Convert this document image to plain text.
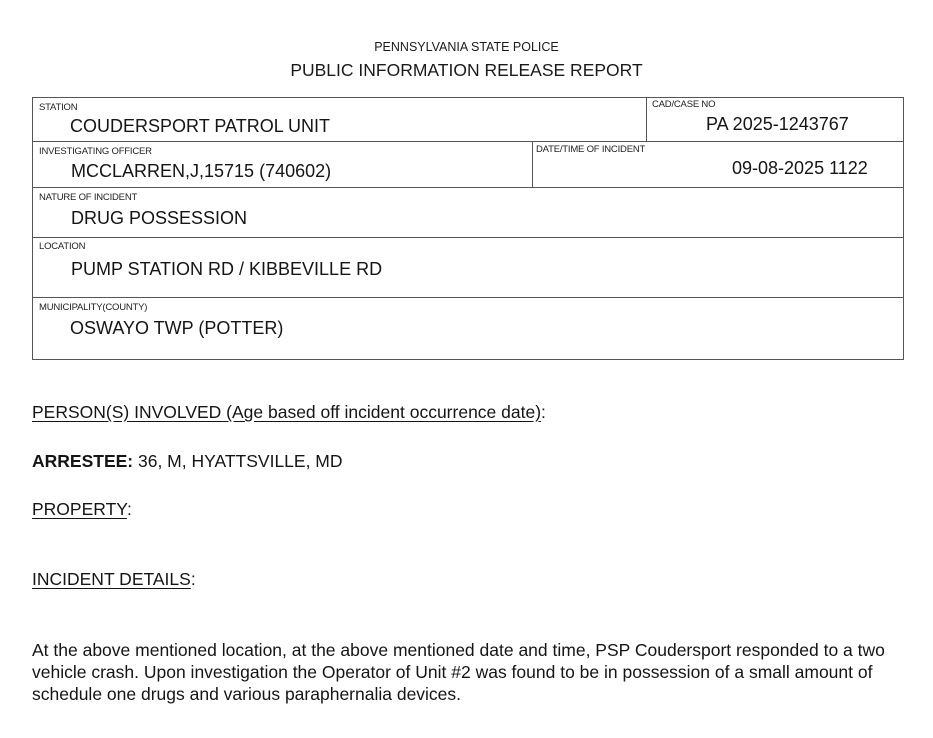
PENNSYLVANIA STATE POLICE
PUBLIC INFORMATION RELEASE REPORT
STATION
COUDERSPORT PATROL UNIT
CAD/CASE NO
PA 2025-1243767
INVESTIGATING OFFICER
MCCLARREN,J,15715 (740602)
DATE/TIME OF INCIDENT
09-08-2025 1122
NATURE OF INCIDENT
DRUG POSSESSION
LOCATION
PUMP STATION RD / KIBBEVILLE RD
MUNICIPALITY(COUNTY)
OSWAYO TWP (POTTER)
PERSON(S) INVOLVED (Age based off incident occurrence date):
ARRESTEE: 36, M, HYATTSVILLE, MD
PROPERTY:
INCIDENT DETAILS:
At the above mentioned location, at the above mentioned date and time, PSP Coudersport responded to a two vehicle crash. Upon investigation the Operator of Unit #2 was found to be in possession of a small amount of schedule one drugs and various paraphernalia devices.
